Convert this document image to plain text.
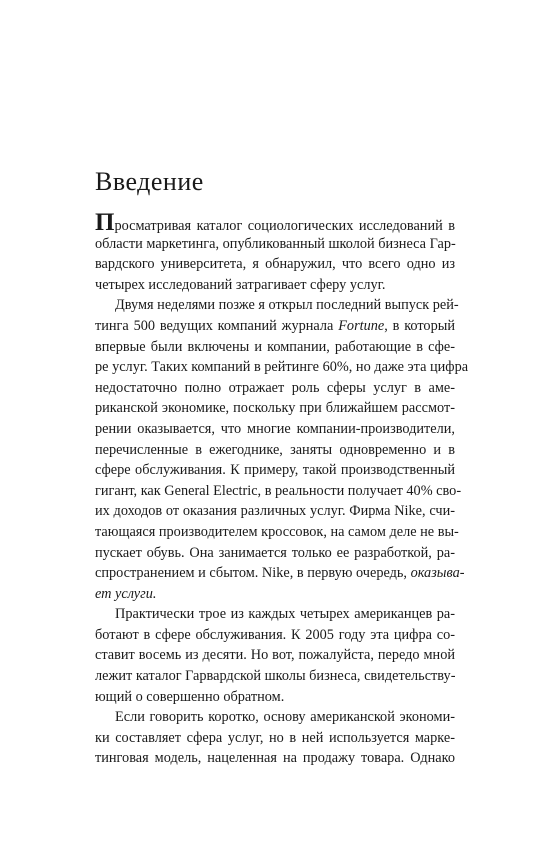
Введение
Просматривая каталог социологических исследований в
области маркетинга, опубликованный школой бизнеса Гар-
вардского университета, я обнаружил, что всего одно из
четырех исследований затрагивает сферу услуг.
Двумя неделями позже я открыл последний выпуск рей-
тинга 500 ведущих компаний журнала Fortune, в который
впервые были включены и компании, работающие в сфе-
ре услуг. Таких компаний в рейтинге 60%, но даже эта цифра
недостаточно полно отражает роль сферы услуг в аме-
риканской экономике, поскольку при ближайшем рассмот-
рении оказывается, что многие компании-производители,
перечисленные в ежегоднике, заняты одновременно и в
сфере обслуживания. К примеру, такой производственный
гигант, как General Electric, в реальности получает 40% сво-
их доходов от оказания различных услуг. Фирма Nike, счи-
тающаяся производителем кроссовок, на самом деле не вы-
пускает обувь. Она занимается только ее разработкой, ра-
спространением и сбытом. Nike, в первую очередь, оказыва-
ет услуги.
Практически трое из каждых четырех американцев ра-
ботают в сфере обслуживания. К 2005 году эта цифра со-
ставит восемь из десяти. Но вот, пожалуйста, передо мной
лежит каталог Гарвардской школы бизнеса, свидетельству-
ющий о совершенно обратном.
Если говорить коротко, основу американской экономи-
ки составляет сфера услуг, но в ней используется марке-
тинговая модель, нацеленная на продажу товара. Однако
